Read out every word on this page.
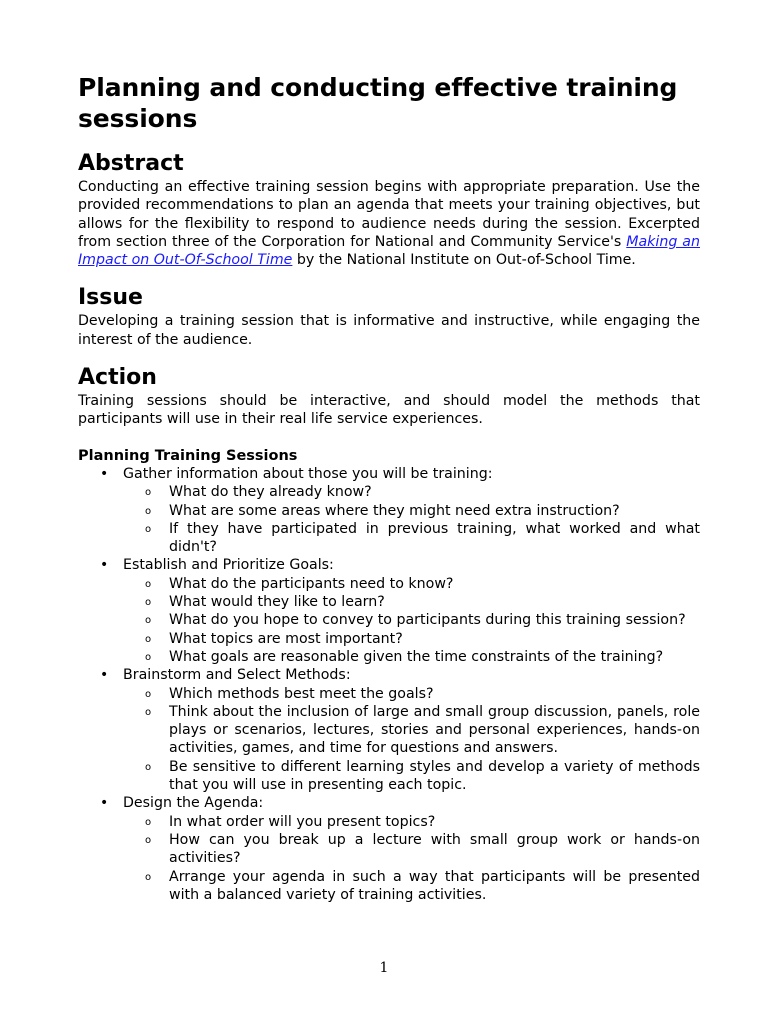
Planning and conducting effective training sessions
Abstract

Conducting an effective training session begins with appropriate preparation. Use the provided recommendations to plan an agenda that meets your training objectives, but allows for the flexibility to respond to audience needs during the session. Excerpted from section three of the Corporation for National and Community Service's Making an Impact on Out-Of-School Time by the National Institute on Out-of-School Time.

Issue

Developing a training session that is informative and instructive, while engaging the interest of the audience.

Action

Training sessions should be interactive, and should model the methods that participants will use in their real life service experiences.

Planning Training Sessions
• Gather information about those you will be training:
o What do they already know?
o What are some areas where they might need extra instruction?
o If they have participated in previous training, what worked and what didn't?
• Establish and Prioritize Goals:
o What do the participants need to know?
o What would they like to learn?
o What do you hope to convey to participants during this training session?
o What topics are most important?
o What goals are reasonable given the time constraints of the training?
• Brainstorm and Select Methods:
o Which methods best meet the goals?
o Think about the inclusion of large and small group discussion, panels, role plays or scenarios, lectures, stories and personal experiences, hands-on activities, games, and time for questions and answers.
o Be sensitive to different learning styles and develop a variety of methods that you will use in presenting each topic.
• Design the Agenda:
o In what order will you present topics?
o How can you break up a lecture with small group work or hands-on activities?
o Arrange your agenda in such a way that participants will be presented with a balanced variety of training activities.
1
